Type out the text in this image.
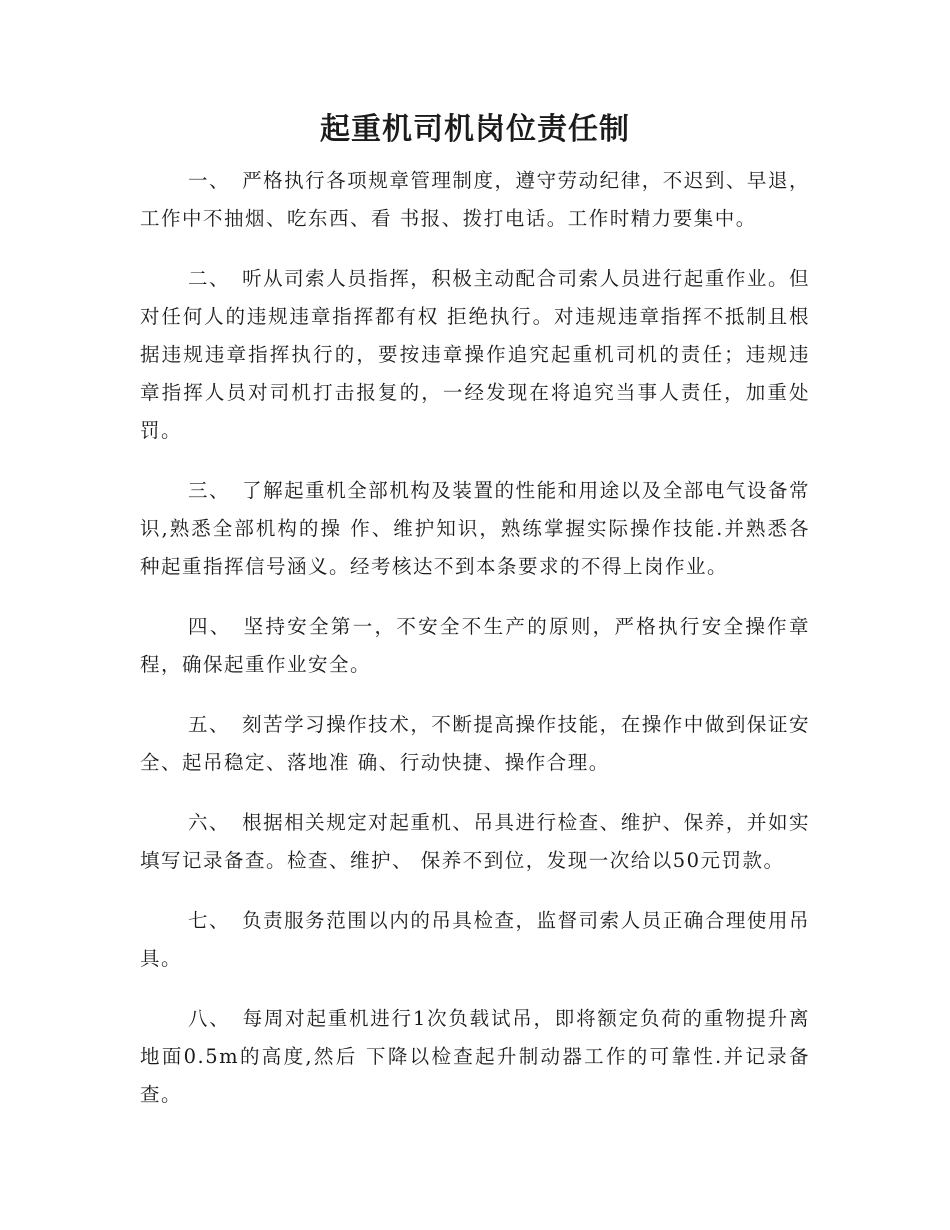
起重机司机岗位责任制

一、 严格执行各项规章管理制度，遵守劳动纪律，不迟到、早退，工作中不抽烟、吃东西、看 书报、拨打电话。工作时精力要集中。

二、 听从司索人员指挥，积极主动配合司索人员进行起重作业。但对任何人的违规违章指挥都有权 拒绝执行。对违规违章指挥不抵制且根据违规违章指挥执行的，要按违章操作追究起重机司机的责任；违规违章指挥人员对司机打击报复的，一经发现在将追究当事人责任，加重处罚。

三、 了解起重机全部机构及装置的性能和用途以及全部电气设备常识,熟悉全部机构的操 作、维护知识，熟练掌握实际操作技能.并熟悉各种起重指挥信号涵义。经考核达不到本条要求的不得上岗作业。

四、 坚持安全第一，不安全不生产的原则，严格执行安全操作章程，确保起重作业安全。

五、 刻苦学习操作技术，不断提高操作技能，在操作中做到保证安全、起吊稳定、落地准 确、行动快捷、操作合理。

六、 根据相关规定对起重机、吊具进行检查、维护、保养，并如实填写记录备查。检查、维护、 保养不到位，发现一次给以50元罚款。

七、 负责服务范围以内的吊具检查，监督司索人员正确合理使用吊具。

八、 每周对起重机进行1次负载试吊，即将额定负荷的重物提升离地面0.5m的高度,然后 下降以检查起升制动器工作的可靠性.并记录备查。
